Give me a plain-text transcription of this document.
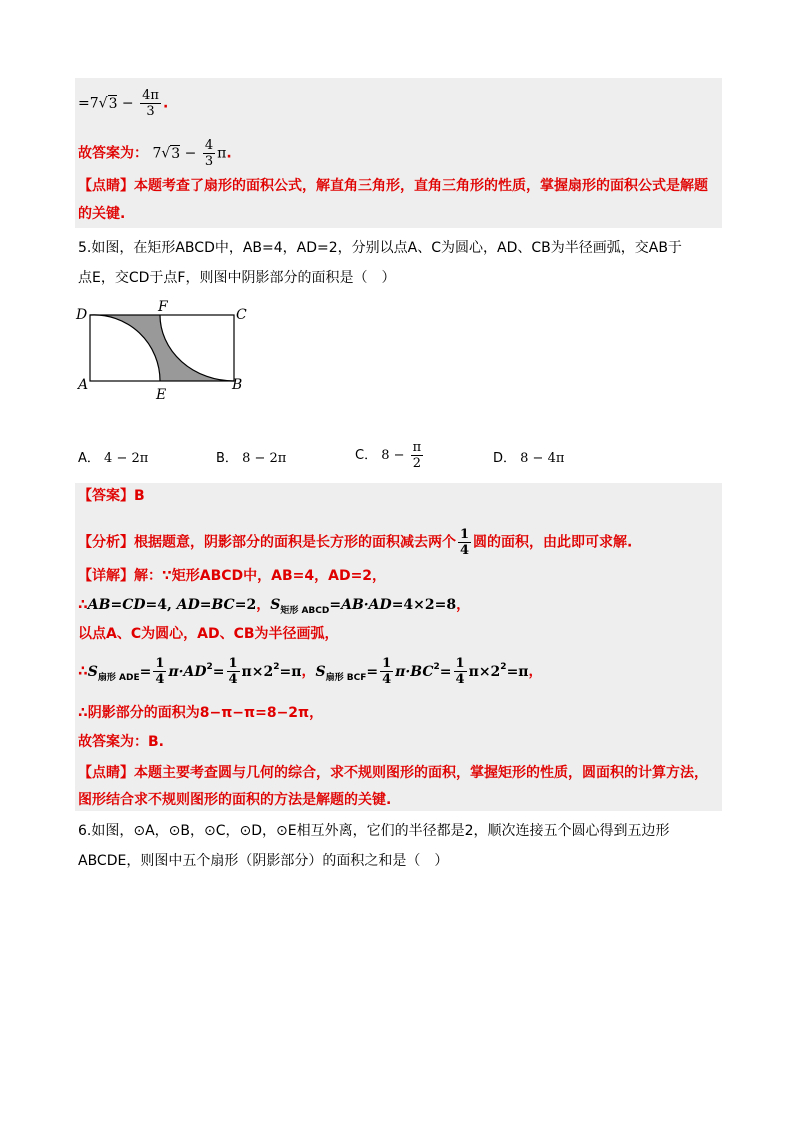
$=7√3 - \frac{4\pi}{3}$ .
故答案为： $7√3 - \frac{4}{3} \pi$.
【点睛】本题考查了扇形的面积公式，解直角三角形，直角三角形的性质，掌握扇形的面积公式是解题
的关键.
5.如图，在矩形ABCD中，AB=4，AD=2，分别以点A、C为圆心，AD、CB为半径画弧，交AB于
点E，交CD于点F，则图中阴影部分的面积是（　）
D	F	C
A
E
B
A． 4 − 2π	B． 8 − 2π	C． $8 - \frac{\pi}{2}$	D． 8 − 4π
【答案】B
【分析】根据题意，阴影部分的面积是长方形的面积减去两个 $\frac{1}{4}$ 圆的面积，由此即可求解.
【详解】解：∵矩形ABCD中，AB=4，AD=2，
∴AB=CD=4, AD=BC=2，$S_{矩形 ABCD}=AB\cdot AD=4\times 2=8$，
以点A、C为圆心，AD、CB为半径画弧，
$\therefore S_{扇形 ADE}= \frac{1}{4} \pi\cdot AD^2= \frac{1}{4} \pi\times 2^2=\pi$，$S_{扇形 BCF}= \frac{1}{4} \pi\cdot BC^2= \frac{1}{4} \pi\times 2^2=\pi$，
∴阴影部分的面积为8−π−π=8−2π，
故答案为：B.
【点睛】本题主要考查圆与几何的综合，求不规则图形的面积，掌握矩形的性质，圆面积的计算方法，
图形结合求不规则图形的面积的方法是解题的关键.
6.如图，⊙A，⊙B，⊙C，⊙D，⊙E相互外离，它们的半径都是2，顺次连接五个圆心得到五边形
ABCDE，则图中五个扇形（阴影部分）的面积之和是（　）
